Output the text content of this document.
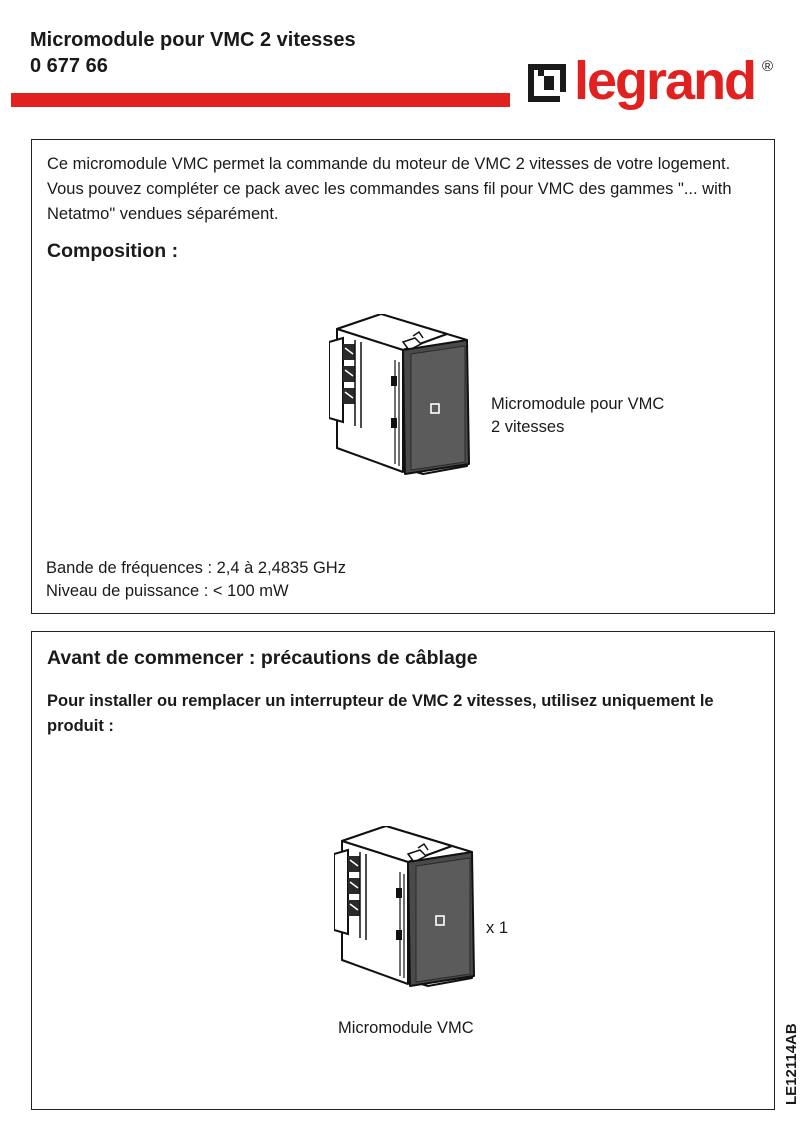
Micromodule pour VMC 2 vitesses
0 677 66	legrand ®
Ce micromodule VMC permet la commande du moteur de VMC 2 vitesses de votre logement.
Vous pouvez compléter ce pack avec les commandes sans fil pour VMC des gammes "... with
Netatmo" vendues séparément.
Composition :
Micromodule pour VMC
2 vitesses
Bande de fréquences : 2,4 à 2,4835 GHz
Niveau de puissance : < 100 mW
Avant de commencer : précautions de câblage
Pour installer ou remplacer un interrupteur de VMC 2 vitesses, utilisez uniquement le
produit :
x 1
Micromodule VMC	LE12114AB
